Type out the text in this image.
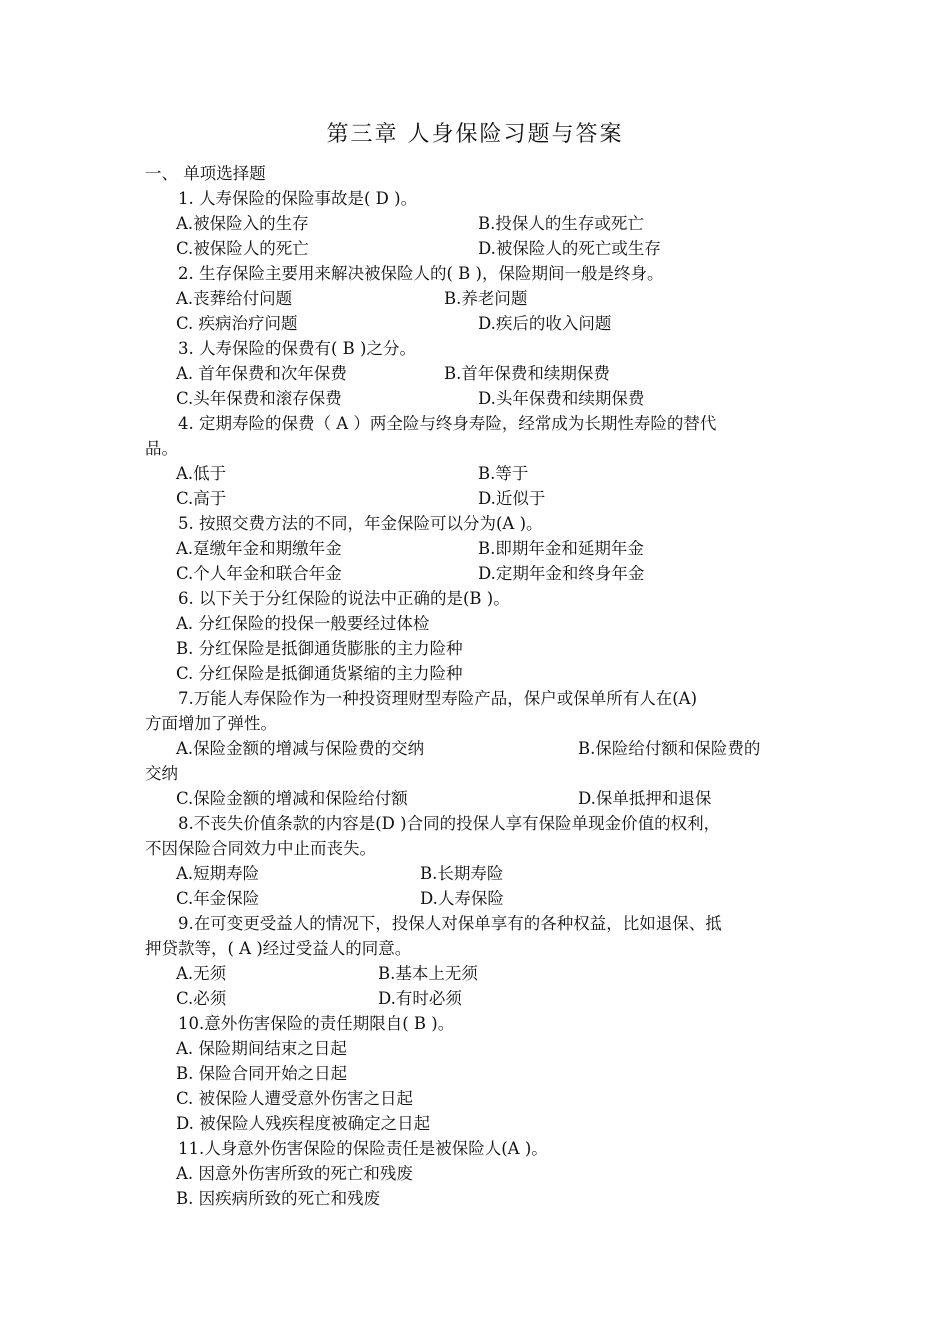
第三章 人身保险习题与答案
一、 单项选择题
1. 人寿保险的保险事故是( D )。
A.被保险入的生存	B.投保人的生存或死亡
C.被保险人的死亡	D.被保险人的死亡或生存
2. 生存保险主要用来解决被保险人的( B )，保险期间一般是终身。
A.丧葬给付问题	B.养老问题
C. 疾病治疗问题	D.疾后的收入问题
3. 人寿保险的保费有( B )之分。
A. 首年保费和次年保费	B.首年保费和续期保费
C.头年保费和滚存保费	D.头年保费和续期保费
4. 定期寿险的保费（ A ）两全险与终身寿险，经常成为长期性寿险的替代
品。
A.低于	B.等于
C.高于	D.近似于
5. 按照交费方法的不同，年金保险可以分为(A )。
A.趸缴年金和期缴年金	B.即期年金和延期年金
C.个人年金和联合年金	D.定期年金和终身年金
6. 以下关于分红保险的说法中正确的是(B )。
A. 分红保险的投保一般要经过体检
B. 分红保险是抵御通货膨胀的主力险种
C. 分红保险是抵御通货紧缩的主力险种
7.万能人寿保险作为一种投资理财型寿险产品，保户或保单所有人在(A)
方面增加了弹性。
A.保险金额的增减与保险费的交纳	B.保险给付额和保险费的
交纳
C.保险金额的增减和保险给付额	D.保单抵押和退保
8.不丧失价值条款的内容是(D )合同的投保人享有保险单现金价值的权利，
不因保险合同效力中止而丧失。
A.短期寿险	B.长期寿险
C.年金保险	D.人寿保险
9.在可变更受益人的情况下，投保人对保单享有的各种权益，比如退保、抵
押贷款等，( A )经过受益人的同意。
A.无须	B.基本上无须
C.必须	D.有时必须
10.意外伤害保险的责任期限自( B )。
A. 保险期间结束之日起
B. 保险合同开始之日起
C. 被保险人遭受意外伤害之日起
D. 被保险人残疾程度被确定之日起
11.人身意外伤害保险的保险责任是被保险人(A )。
A. 因意外伤害所致的死亡和残废
B. 因疾病所致的死亡和残废
